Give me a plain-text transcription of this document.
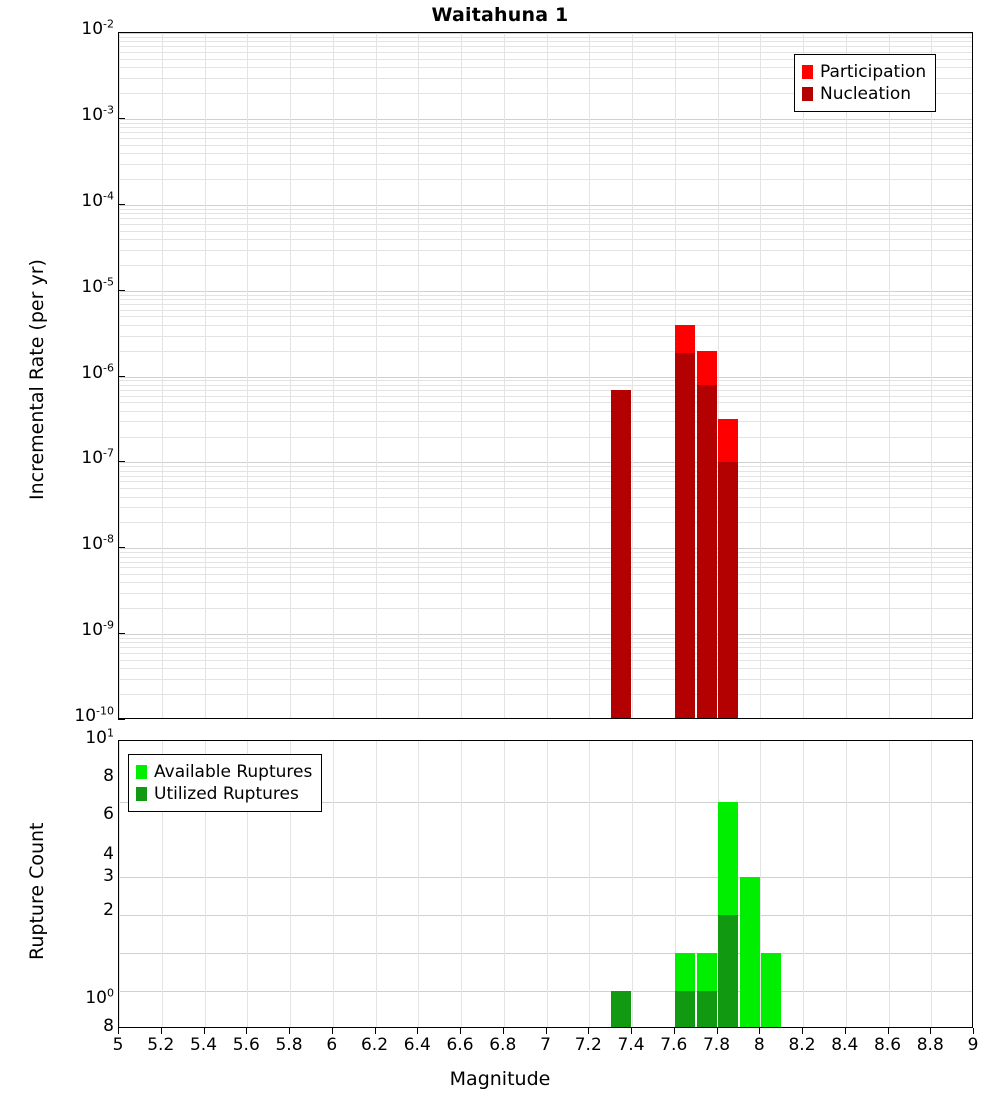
Waitahuna 1
$10^{-2}$
$10^{-3}$
$10^{-4}$
$10^{-5}$
$10^{-6}$
$10^{-7}$
$10^{-8}$
$10^{-9}$
$10^{-10}$
Incremental Rate (per yr)
Participation
Nucleation
$10^1$
8
6
4
3
2
$10^0$
8
Rupture Count
Available Ruptures
Utilized Ruptures
5	5.2 5.4 5.6 5.8	6	6.2 6.4 6.6 6.8	7	7.2 7.4 7.6 7.8	8	8.2 8.4 8.6 8.8	9
Magnitude
